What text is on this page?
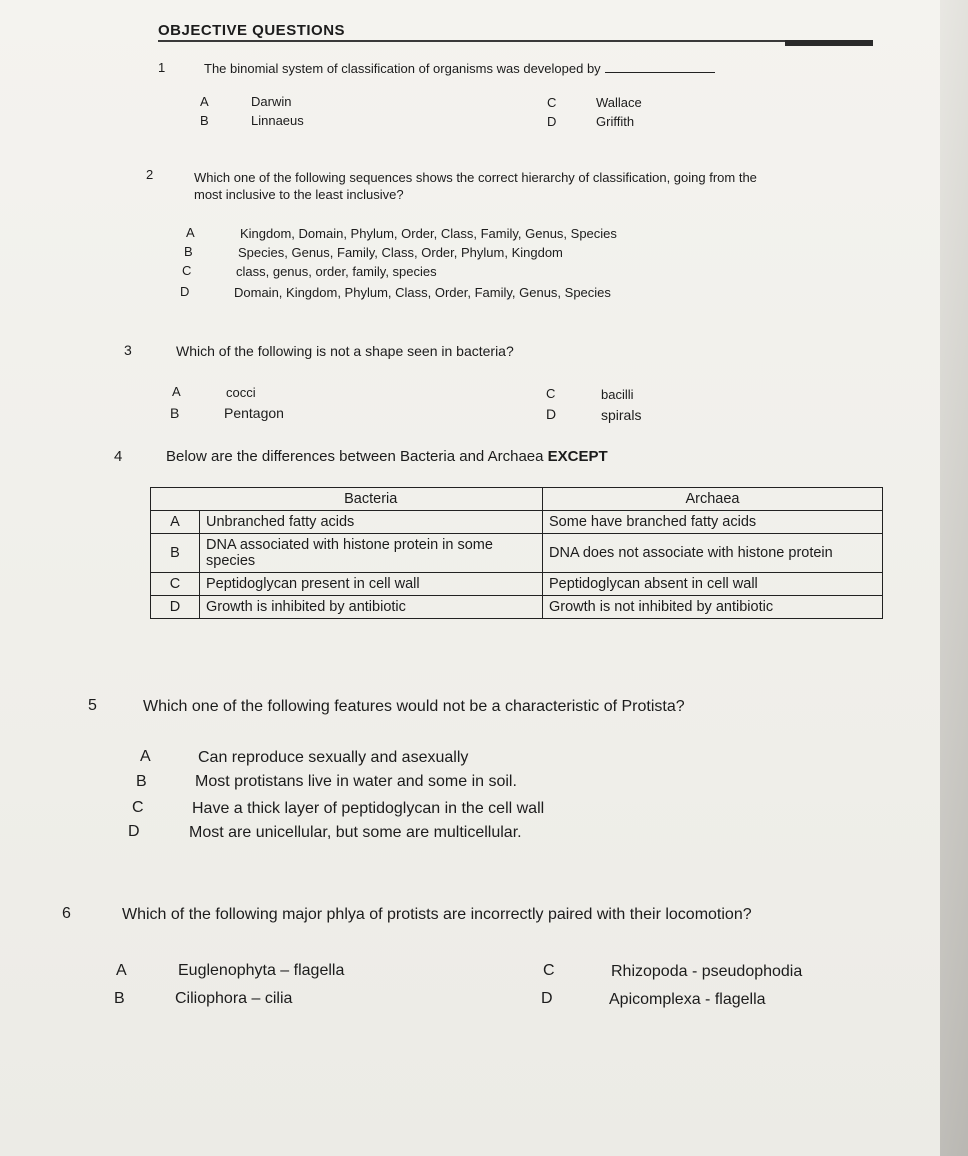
OBJECTIVE QUESTIONS
1	The binomial system of classification of organisms was developed by
A	Darwin
B	Linnaeus
C	Wallace
D	Griffith
2	Which one of the following sequences shows the correct hierarchy of classification, going from the
most inclusive to the least inclusive?
A	Kingdom, Domain, Phylum, Order, Class, Family, Genus, Species
B	Species, Genus, Family, Class, Order, Phylum, Kingdom
C	class, genus, order, family, species
D	Domain, Kingdom, Phylum, Class, Order, Family, Genus, Species
3	Which of the following is not a shape seen in bacteria?
A	cocci
B	Pentagon
C	bacilli
D	spirals
4	Below are the differences between Bacteria and Archaea EXCEPT
	Bacteria	Archaea
A	Unbranched fatty acids	Some have branched fatty acids
B	DNA associated with histone protein in some species	DNA does not associate with histone protein
C	Peptidoglycan present in cell wall	Peptidoglycan absent in cell wall
D	Growth is inhibited by antibiotic	Growth is not inhibited by antibiotic
5	Which one of the following features would not be a characteristic of Protista?
A	Can reproduce sexually and asexually
B	Most protistans live in water and some in soil.
C	Have a thick layer of peptidoglycan in the cell wall
D	Most are unicellular, but some are multicellular.
6	Which of the following major phlya of protists are incorrectly paired with their locomotion?
A	Euglenophyta – flagella
B	Ciliophora – cilia
C	Rhizopoda - pseudophodia
D	Apicomplexa - flagella
